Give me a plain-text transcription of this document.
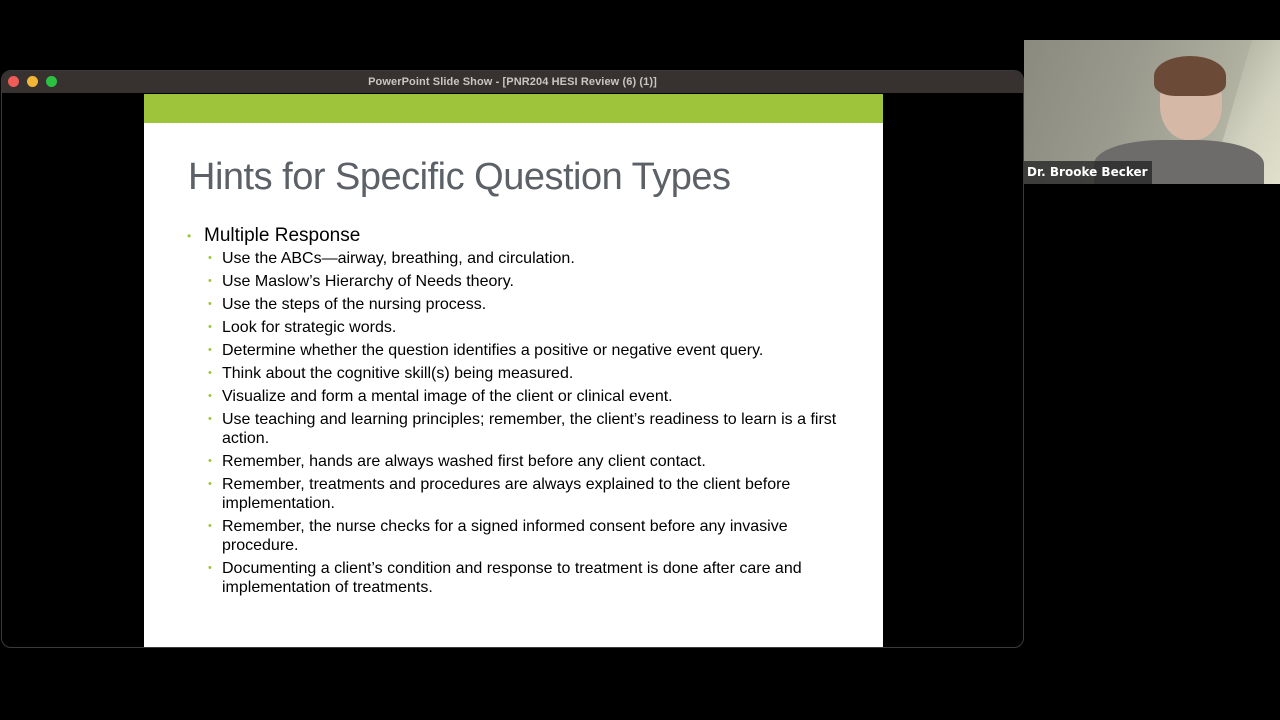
PowerPoint Slide Show - [PNR204 HESI Review (6) (1)]
Hints for Specific Question Types
• Multiple Response
• Use the ABCs—airway, breathing, and circulation.
• Use Maslow’s Hierarchy of Needs theory.
• Use the steps of the nursing process.
• Look for strategic words.
• Determine whether the question identifies a positive or negative event query.
• Think about the cognitive skill(s) being measured.
• Visualize and form a mental image of the client or clinical event.
• Use teaching and learning principles; remember, the client’s readiness to learn is a first action.
• Remember, hands are always washed first before any client contact.
• Remember, treatments and procedures are always explained to the client before implementation.
• Remember, the nurse checks for a signed informed consent before any invasive procedure.
• Documenting a client’s condition and response to treatment is done after care and implementation of treatments.
Dr. Brooke Becker
